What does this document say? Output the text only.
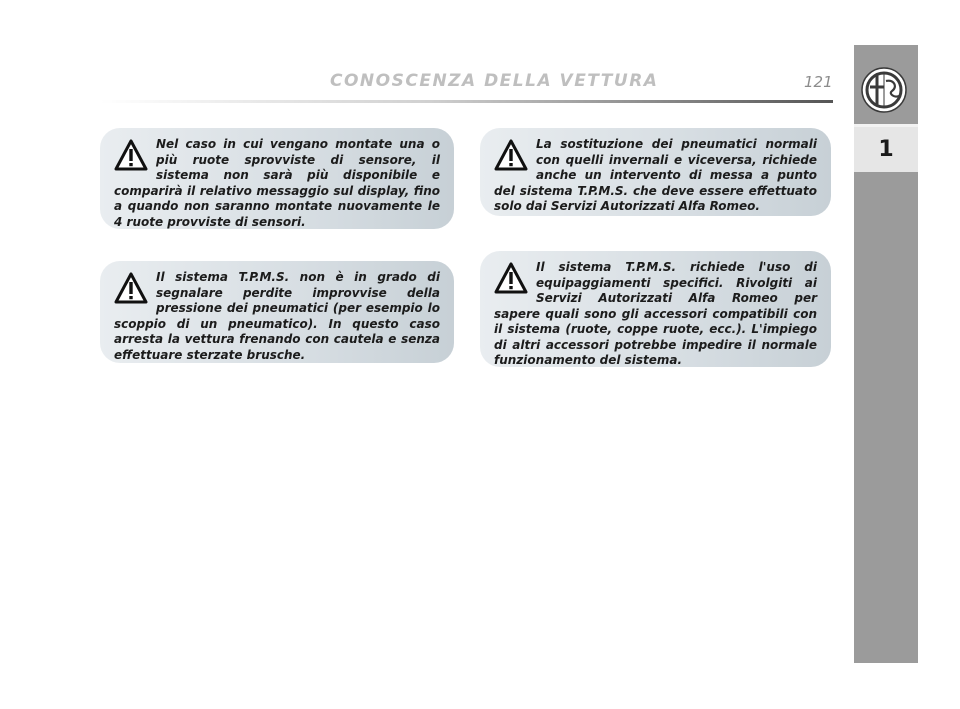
CONOSCENZA DELLA VETTURA	121
1

Nel caso in cui vengano montate una o più ruote sprovviste di sensore, il sistema non sarà più disponibile e comparirà il relativo messaggio sul display, fino a quando non saranno montate nuovamente le 4 ruote provviste di sensori.

Il sistema T.P.M.S. non è in grado di segnalare perdite improvvise della pressione dei pneumatici (per esempio lo scoppio di un pneumatico). In questo caso arresta la vettura frenando con cautela e senza effettuare sterzate brusche.

La sostituzione dei pneumatici normali con quelli invernali e viceversa, richiede anche un intervento di messa a punto del sistema T.P.M.S. che deve essere effettuato solo dai Servizi Autorizzati Alfa Romeo.

Il sistema T.P.M.S. richiede l'uso di equipaggiamenti specifici. Rivolgiti ai Servizi Autorizzati Alfa Romeo per sapere quali sono gli accessori compatibili con il sistema (ruote, coppe ruote, ecc.). L'impiego di altri accessori potrebbe impedire il normale funzionamento del sistema.
